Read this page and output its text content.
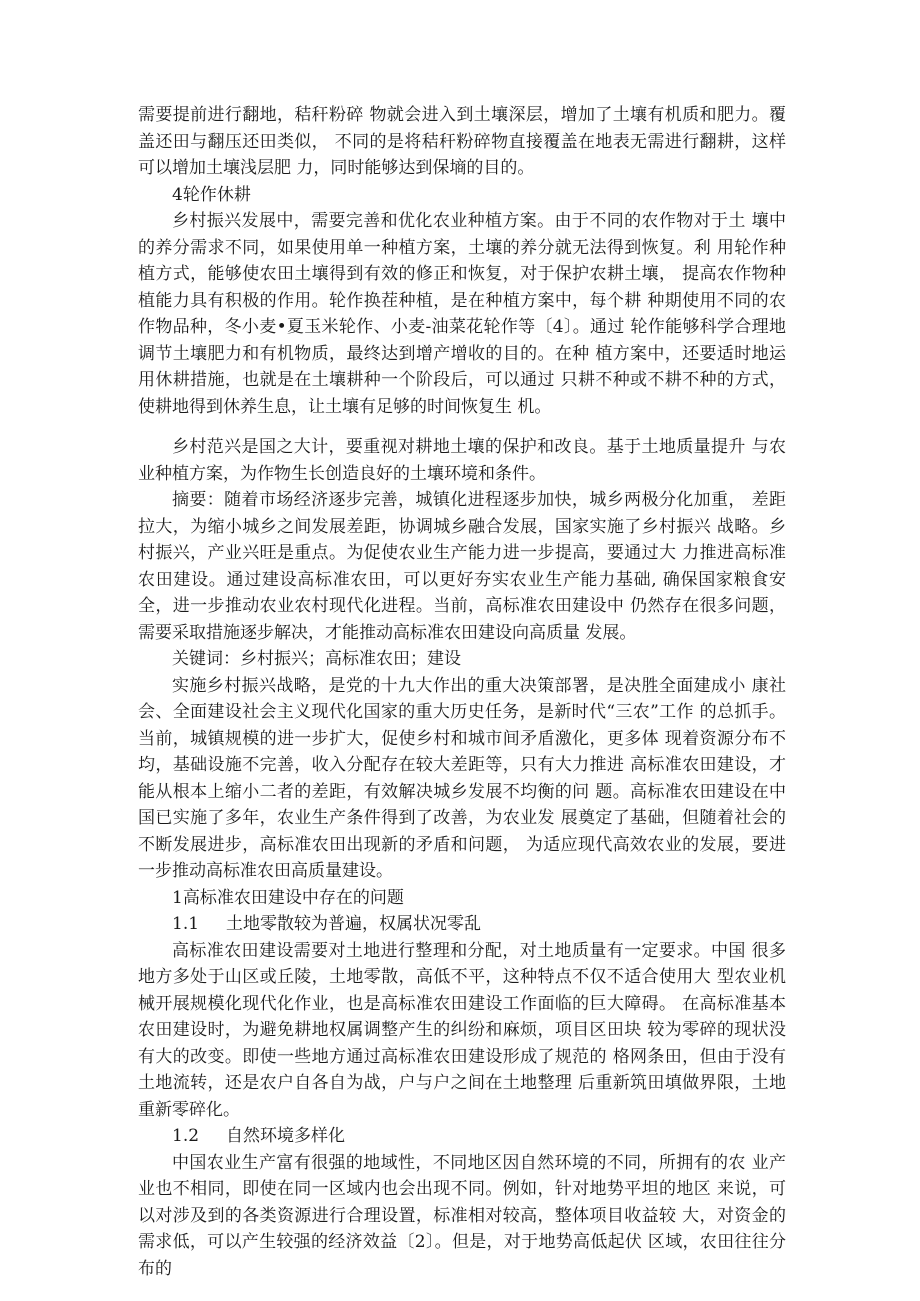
需要提前进行翻地，秸秆粉碎 物就会进入到土壤深层，增加了土壤有机质和肥力。覆盖还田与翻压还田类似， 不同的是将秸秆粉碎物直接覆盖在地表无需进行翻耕，这样可以增加土壤浅层肥 力，同时能够达到保墒的目的。

4轮作休耕

乡村振兴发展中，需要完善和优化农业种植方案。由于不同的农作物对于土 壤中的养分需求不同，如果使用单一种植方案，土壤的养分就无法得到恢复。利 用轮作种植方式，能够使农田土壤得到有效的修正和恢复，对于保护农耕土壤， 提高农作物种植能力具有积极的作用。轮作换茬种植，是在种植方案中，每个耕 种期使用不同的农作物品种，冬小麦•夏玉米轮作、小麦-油菜花轮作等〔4〕。通过 轮作能够科学合理地调节土壤肥力和有机物质，最终达到增产增收的目的。在种 植方案中，还要适时地运用休耕措施，也就是在土壤耕种一个阶段后，可以通过 只耕不种或不耕不种的方式，使耕地得到休养生息，让土壤有足够的时间恢复生 机。

乡村范兴是国之大计，要重视对耕地土壤的保护和改良。基于土地质量提升 与农业种植方案，为作物生长创造良好的土壤环境和条件。

摘要：随着市场经济逐步完善，城镇化进程逐步加快，城乡两极分化加重， 差距拉大，为缩小城乡之间发展差距，协调城乡融合发展，国家实施了乡村振兴 战略。乡村振兴，产业兴旺是重点。为促使农业生产能力进一步提高，要通过大 力推进高标准农田建设。通过建设高标准农田，可以更好夯实农业生产能力基础, 确保国家粮食安全，进一步推动农业农村现代化进程。当前，高标准农田建设中 仍然存在很多问题，需要采取措施逐步解决，才能推动高标准农田建设向高质量 发展。

关键词：乡村振兴；高标准农田；建设

实施乡村振兴战略，是党的十九大作出的重大决策部署，是决胜全面建成小 康社会、全面建设社会主义现代化国家的重大历史任务，是新时代“三农”工作 的总抓手。当前，城镇规模的进一步扩大，促使乡村和城市间矛盾激化，更多体 现着资源分布不均，基础设施不完善，收入分配存在较大差距等，只有大力推进 高标准农田建设，才能从根本上缩小二者的差距，有效解决城乡发展不均衡的问 题。高标准农田建设在中国已实施了多年，农业生产条件得到了改善，为农业发 展奠定了基础，但随着社会的不断发展进步，高标准农田出现新的矛盾和问题， 为适应现代高效农业的发展，要进一步推动高标准农田高质量建设。

1高标准农田建设中存在的问题

1.1     土地零散较为普遍，权属状况零乱

高标准农田建设需要对土地进行整理和分配，对土地质量有一定要求。中国 很多地方多处于山区或丘陵，土地零散，高低不平，这种特点不仅不适合使用大 型农业机械开展规模化现代化作业，也是高标准农田建设工作面临的巨大障碍。 在高标准基本农田建设时，为避免耕地权属调整产生的纠纷和麻烦，项目区田块 较为零碎的现状没有大的改变。即使一些地方通过高标准农田建设形成了规范的 格网条田，但由于没有土地流转，还是农户自各自为战，户与户之间在土地整理 后重新筑田填做界限，土地重新零碎化。

1.2     自然环境多样化

中国农业生产富有很强的地域性，不同地区因自然环境的不同，所拥有的农 业产业也不相同，即使在同一区域内也会出现不同。例如，针对地势平坦的地区 来说，可以对涉及到的各类资源进行合理设置，标准相对较高，整体项目收益较 大，对资金的需求低，可以产生较强的经济效益〔2〕。但是，对于地势高低起伏 区域，农田往往分布的
